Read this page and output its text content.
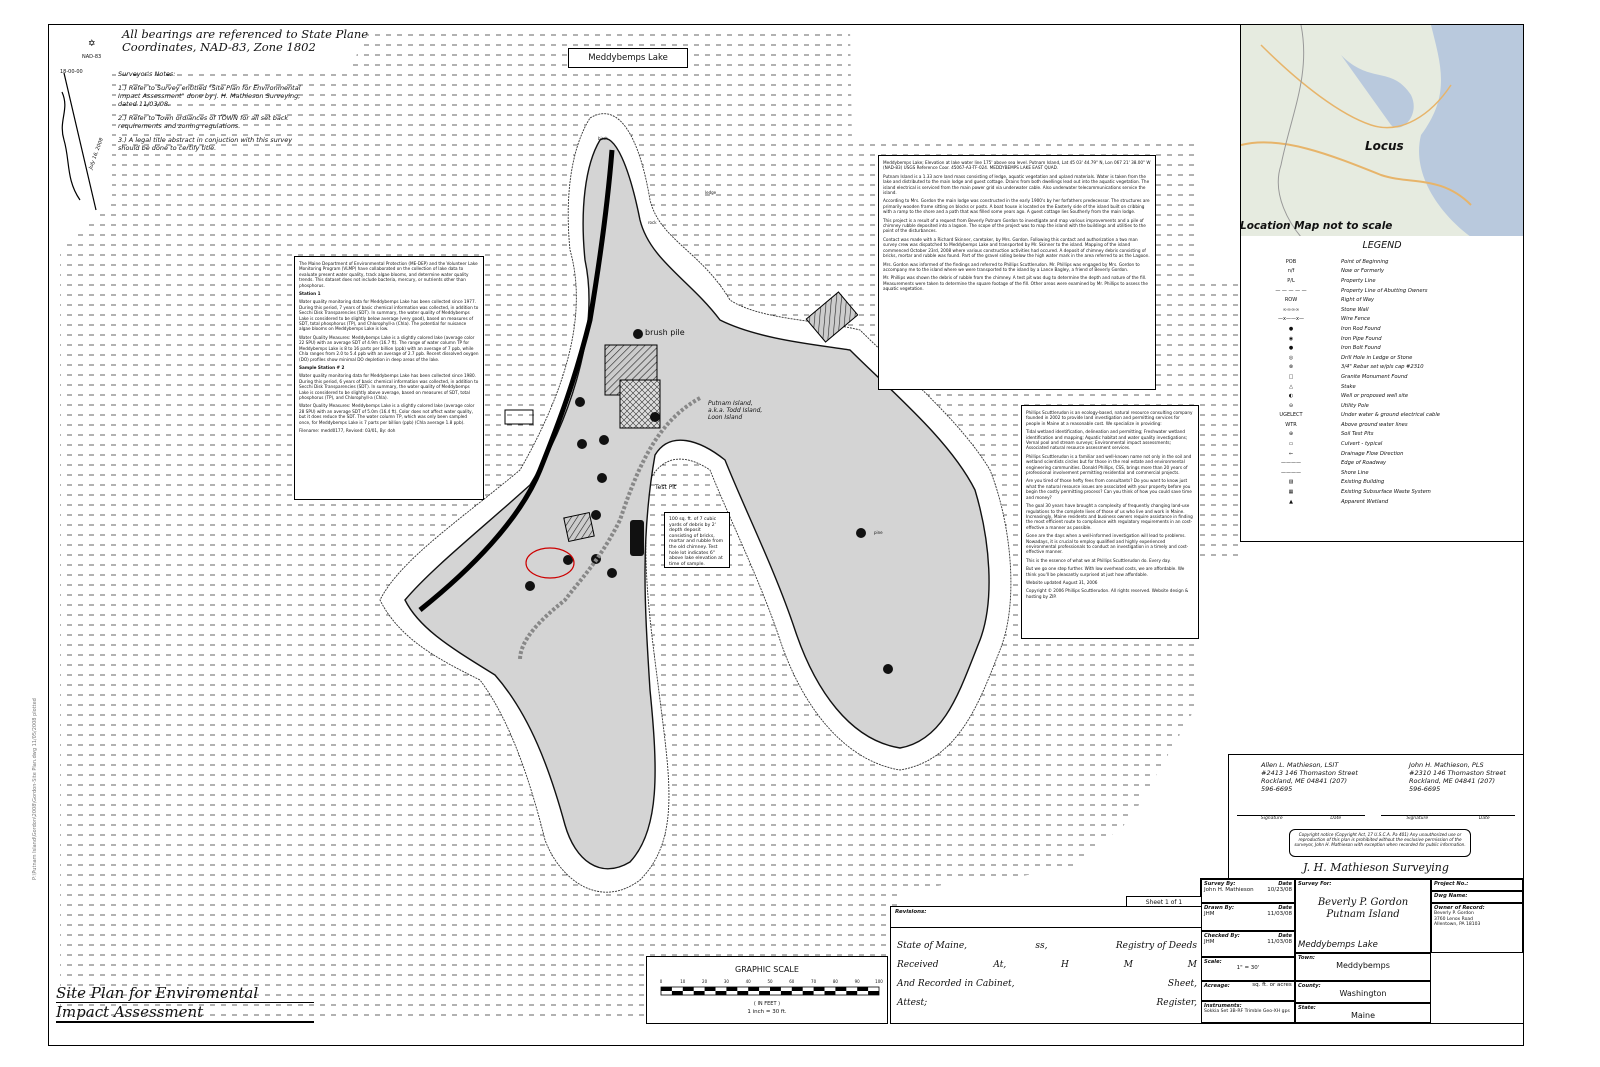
✡
All bearings are referenced to State Plane
Coordinates, NAD-83, Zone 1802
NAD-83
18-00-00
July 16, 2008

Surveyor's Notes:

1.) Refer to Survey entitled "Site Plan for Environmental Impact Assessment" done by J. H. Mathieson Surveying, dated 11/03/08.

2.) Refer to Town ordiances of TOWN for all set back requirements and zoning regulations.

3.) A legal title abstract in conjuction with this survey should be done to certify title.

Meddybemps Lake
Putnam Island, a.k.a. Todd Island, Loon Island
Test Pit
brush pile
pine
rock
ledge
birch

The Maine Department of Environmental Protection (ME-DEP) and the Volunteer Lake Monitoring Program (VLMP) have collaborated on the collection of lake data to evaluate present water quality, track algae blooms, and determine water quality trends. This dataset does not include bacteria, mercury, or nutrients other than phosphorus.

Station 1

Water quality monitoring data for Meddybemps Lake has been collected since 1977. During this period, 7 years of basic chemical information was collected, in addition to Secchi Disk Transparencies (SDT). In summary, the water quality of Meddybemps Lake is considered to be slightly below average (very good), based on measures of SDT, total phosphorus (TP), and Chlorophyll-a (Chla). The potential for nuisance algae blooms on Meddybemps Lake is low.

Water Quality Measures: Meddybemps Lake is a slightly colored lake (average color 22 SPU) with an average SDT of 4.9m (16.7 ft). The range of water column TP for Meddybemps Lake is 8 to 16 parts per billion (ppb) with an average of 7 ppb, while Chla ranges from 2.0 to 5.4 ppb with an average of 2.7 ppb. Recent dissolved oxygen (DO) profiles show minimal DO depletion in deep areas of the lake.

Sample Station # 2

Water quality monitoring data for Meddybemps Lake has been collected since 1980. During this period, 6 years of basic chemical information was collected, in addition to Secchi Disk Transparencies (SDT). In summary, the water quality of Meddybemps Lake is considered to be slightly above average, based on measures of SDT, total phosphorus (TP), and Chlorophyll-a (Chla).

Water Quality Measures: Meddybemps Lake is a slightly colored lake (average color 28 SPU) with an average SDT of 5.0m (16.4 ft). Color does not affect water quality, but it does reduce the SDT. The water column TP, which was only been sampled once, for Meddybemps Lake is 7 parts per billion (ppb) (Chla average 1.8 ppb).

Filename: medd0177, Revised: 03/01, By: doh

Meddybemps Lake; Elevation at lake water line 175' above sea level. Putnam Island, Lat 45 03' 44.79" N, Lon 067 21' 38.00" W (NAD-83) USGS Reference Coor. 45067-A3-TF-024. MEDDYBEMPS LAKE EAST QUAD.

Putnam Island is a 1.33 acre land mass consisting of ledge, aquatic vegetation and upland materials. Water is taken from the lake and distributed to the main lodge and guest cottage. Drains from both dwellings lead out into the aquatic vegetation. The island electrical is serviced from the main power grid via underwater cable. Also underwater telecommunications service the island.

According to Mrs. Gordon the main lodge was constructed in the early 1900's by her forfathers predecessor. The structures are primarily wooden frame sitting on blocks or posts. A boat house is located on the Easterly side of the island built on cribbing with a ramp to the shore and a path that was filled some years ago. A guest cottage lies Southerly from the main lodge.

This project is a result of a request from Beverly Putnam Gordon to investigate and map various improvements and a pile of chimney rubble deposited into a lagoon. The scope of the project was to map the island with the buildings and utilities to the point of the disturbances.

Contact was made with a Richard Skinner, caretaker, by Mrs. Gordon. Following this contact and authorization a two man survey crew was dispatched to Meddybemps Lake and transported by Mr. Skinner to the island. Mapping of the island commenced October 23rd, 2008 where various construction activities had occured. A deposit of chimney debris consisting of bricks, mortar and rubble was found. Part of the gravel siding below the high water mark in the area referred to as the Lagoon.

Mrs. Gordon was informed of the findings and referred to Phillips Scuttlerudon. Mr. Phillips was engaged by Mrs. Gordon to accompany me to the island where we were transported to the island by a Lance Bagley, a friend of Beverly Gordon.

Mr. Phillips was shown the debris of rubble from the chimney. A test pit was dug to determine the depth and nature of the fill. Measurements were taken to determine the square footage of the fill. Other areas were examined by Mr. Phillips to assess the aquatic vegetation.

Phillips Scuttlerudon is an ecology-based, natural resource consulting company founded in 2002 to provide land investigation and permitting services for people in Maine at a reasonable cost. We specialize in providing:

Tidal wetland identification, delineation and permitting; Freshwater wetland identification and mapping; Aquatic habitat and water quality investigations; Vernal pool and stream surveys; Environmental impact assessments; Associated natural resource assessment services.

Phillips Scuttlerudon is a familiar and well-known name not only in the soil and wetland scientists circles but for those in the real estate and environmental engineering communities. Donald Phillips, CSS, brings more than 20 years of professional involvement permitting residential and commercial projects.

Are you tired of those hefty fees from consultants? Do you want to know just what the natural resource issues are associated with your property before you begin the costly permitting process? Can you think of how you could save time and money?

The goal 30 years have brought a complexity of frequently changing land-use regulations to the complete lives of those of us who live and work in Maine. Increasingly, Maine residents and business owners require assistance in finding the most efficient route to compliance with regulatory requirements in an cost-effective a manner as possible.

Gone are the days when a well-informed investigation will lead to problems. Nowadays, it is crucial to employ qualified and highly experienced environmental professionals to conduct an investigation in a timely and cost-effective manner.

This is the essence of what we at Phillips Scuttlerudon do. Every day.

But we go one step further. With low overhead costs, we are affordable. We think you'll be pleasantly surprised at just how affordable.

Website updated August 31, 2006

Copyright © 2006 Phillips Scuttlerudon. All rights reserved. Website design & hosting by ZIP.

100 sq. ft. of 7 cubic yards of debris by 2' depth deposit consisting of bricks, mortar and rubble from the old chimney. Test hole lot indicates 6" above lake elevation at time of sample.
Locus
Location Map not to scale
LEGEND
POB	Point of Beginning
n/f	Now or Formerly
P/L	Property Line
— — — — —	Property Line of Abutting Owners
ROW	Right of Way
∞∞∞∞	Stone Wall
—x——x—	Wire Fence
●	Iron Rod Found
◉	Iron Pipe Found
●	Iron Bolt Found
◎	Drill Hole in Ledge or Stone
⊗	3/4" Rebar set w/pls cap #2310
□	Granite Monument Found
△	Stake
◐	Well or proposed well site
⊖	Utility Pole
UGELECT	Under water & ground electrical cable
WTR	Above ground water lines
⊕	Soil Test Pits
▭	Culvert - typical
⇐	Drainage Flow Direction
————	Edge of Roadway
————	Shore Line
▨	Existing Building
▦	Existing Subsurface Waste System
▲	Apparent Wetland
Allen L. Mathieson, LSIT
#2413 146 Thomaston Street
Rockland, ME 04841 (207)
596-6695
John H. Mathieson, PLS
#2310 146 Thomaston Street
Rockland, ME 04841 (207)
596-6695
Signature	Date	Signature	Date
Copyright notice (Copyright Act, 17 U.S.C.A. Pa 401) Any unauthorized use or reproduction of this plan is prohibited without the exclusive permission of the surveyor, John H. Mathieson with exception when recorded for public information.
J. H. Mathieson Surveying
Survey By:	Date
John H. Mathieson 10/23/08
Drawn By:	Date
JHM	11/03/08
Checked By:	Date
JHM	11/03/08
Scale:
1" = 30'
Acreage:	sq. ft. or acres
Instruments:
Sokkia Set 3B-RF Trimble Geo-XH gps
Survey For:
Beverly P. Gordon
Putnam Island
Meddybemps Lake
Town:
Meddybemps
County:
Washington
State:
Maine
Project No.:
Dwg Name:
Owner of Record:
Beverly P. Gordon
3760 Lenox Road
Allentown, PA 18103
Sheet 1 of 1
Revisions:
State of Maine,	ss,	Registry of Deeds
Received	At,	H	M	M
And Recorded in Cabinet,	Sheet,
Attest;	Register,
GRAPHIC SCALE
0	10	20	30	40	50	60	70	80	90	100
( IN FEET )
1 inch = 30 ft.
Site Plan for Enviromental
Impact Assessment
P:\Putnam Island\Gordon\2008\Gordon-Site Plan.dwg 11/05/2008 plotted
